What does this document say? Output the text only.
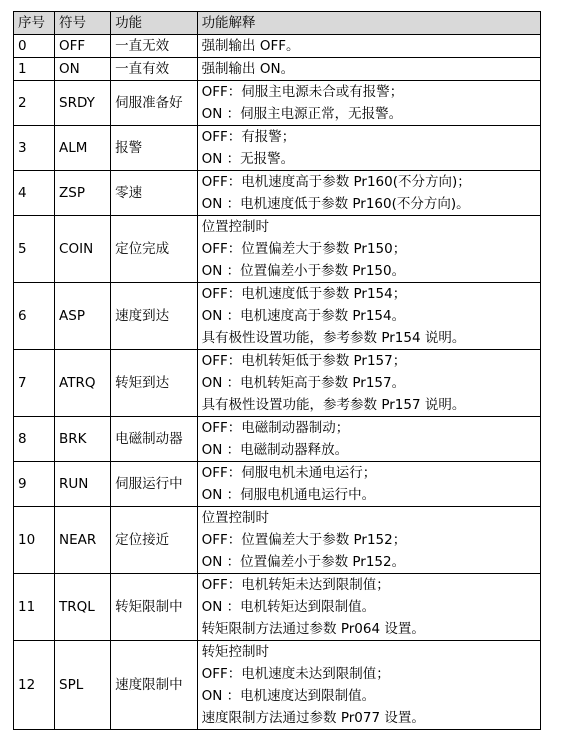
序号	符号	功能	功能解释
0	OFF	一直无效	强制输出 OFF。

1	ON	一直有效	强制输出 ON。

2	SRDY	伺服准备好	OFF：伺服主电源未合或有报警；
ON ：伺服主电源正常，无报警。

3	ALM	报警	OFF：有报警；
ON ：无报警。

4	ZSP	零速	OFF：电机速度高于参数 Pr160(不分方向)；
ON ：电机速度低于参数 Pr160(不分方向)。

5	COIN	定位完成	位置控制时
OFF：位置偏差大于参数 Pr150；
ON ：位置偏差小于参数 Pr150。

6	ASP	速度到达	OFF：电机速度低于参数 Pr154；
ON ：电机速度高于参数 Pr154。
具有极性设置功能，参考参数 Pr154 说明。

7	ATRQ	转矩到达	OFF：电机转矩低于参数 Pr157；
ON ：电机转矩高于参数 Pr157。
具有极性设置功能，参考参数 Pr157 说明。

8	BRK	电磁制动器	OFF：电磁制动器制动；
ON ：电磁制动器释放。

9	RUN	伺服运行中	OFF：伺服电机未通电运行；
ON ：伺服电机通电运行中。

10	NEAR	定位接近	位置控制时
OFF：位置偏差大于参数 Pr152；
ON ：位置偏差小于参数 Pr152。

11	TRQL	转矩限制中	OFF：电机转矩未达到限制值；
ON ：电机转矩达到限制值。
转矩限制方法通过参数 Pr064 设置。

12	SPL	速度限制中	转矩控制时
OFF：电机速度未达到限制值；
ON ：电机速度达到限制值。
速度限制方法通过参数 Pr077 设置。
